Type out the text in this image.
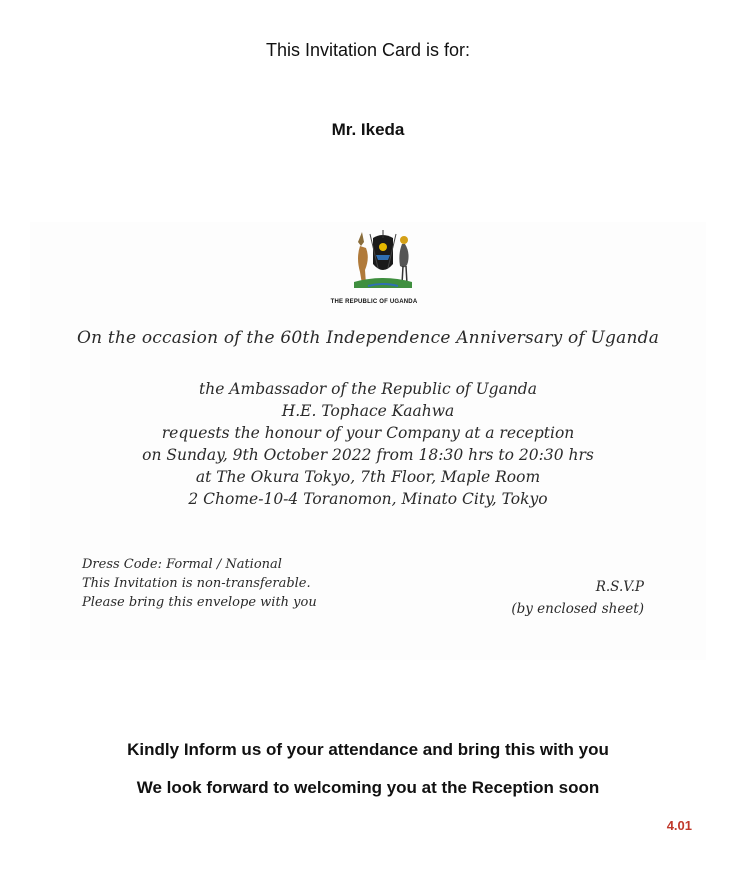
This Invitation Card is for:
Mr. Ikeda
THE REPUBLIC OF UGANDA
On the occasion of the 60th Independence Anniversary of Uganda
the Ambassador of the Republic of Uganda
H.E. Tophace Kaahwa
requests the honour of your Company at a reception
on Sunday, 9th October 2022 from 18:30 hrs to 20:30 hrs
at The Okura Tokyo, 7th Floor, Maple Room
2 Chome-10-4 Toranomon, Minato City, Tokyo
Dress Code: Formal / National
This Invitation is non-transferable.
Please bring this envelope with you
R.S.V.P
(by enclosed sheet)
Kindly Inform us of your attendance and bring this with you
We look forward to welcoming you at the Reception soon
4.01
